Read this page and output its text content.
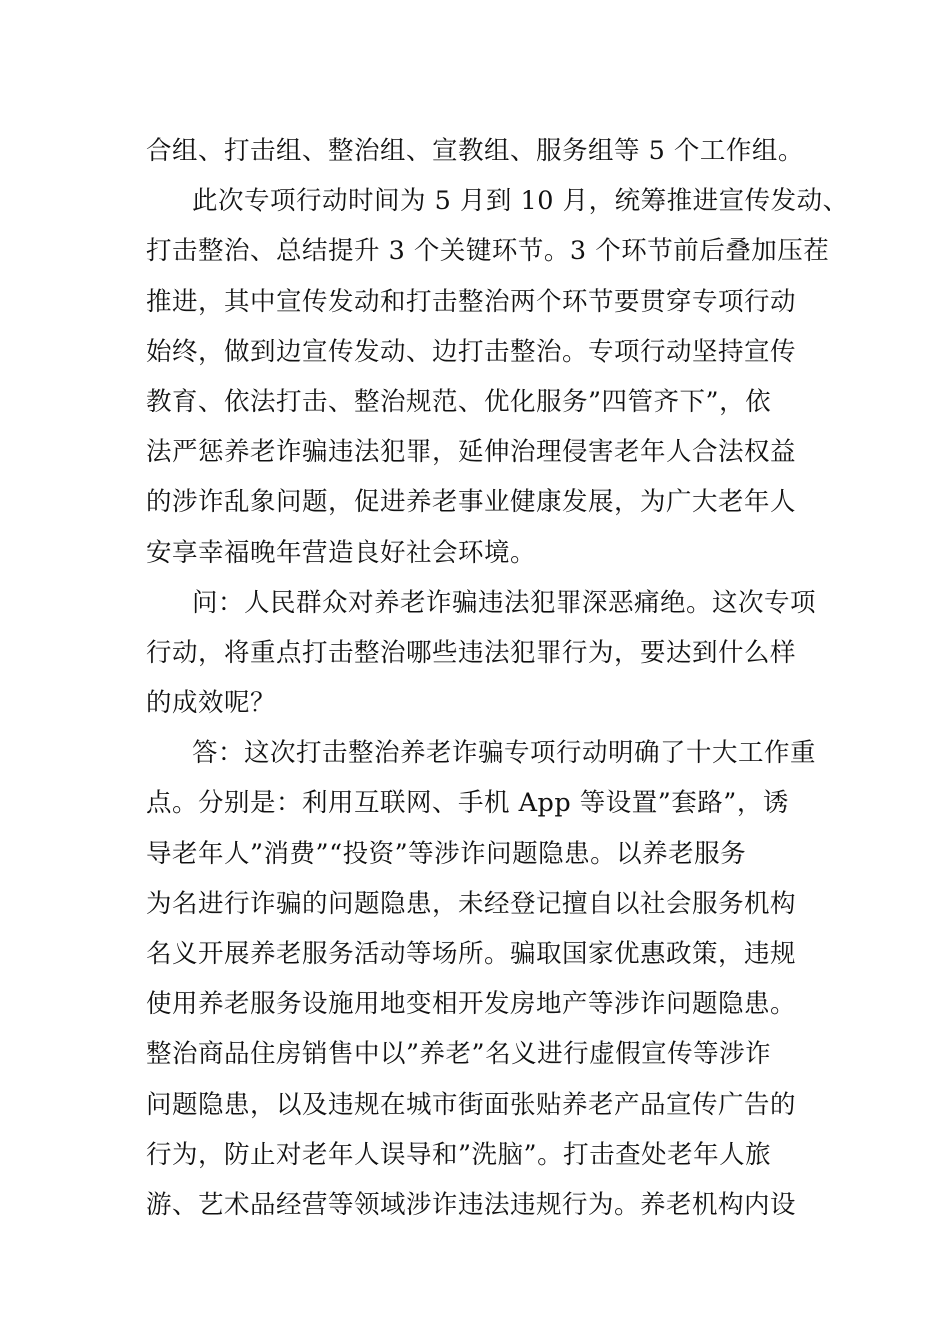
合组、打击组、整治组、宣教组、服务组等 5 个工作组。
此次专项行动时间为 5 月到 10 月，统筹推进宣传发动、
打击整治、总结提升 3 个关键环节。3 个环节前后叠加压茬
推进，其中宣传发动和打击整治两个环节要贯穿专项行动
始终，做到边宣传发动、边打击整治。专项行动坚持宣传
教育、依法打击、整治规范、优化服务”四管齐下”，依
法严惩养老诈骗违法犯罪，延伸治理侵害老年人合法权益
的涉诈乱象问题，促进养老事业健康发展，为广大老年人
安享幸福晚年营造良好社会环境。
问：人民群众对养老诈骗违法犯罪深恶痛绝。这次专项
行动，将重点打击整治哪些违法犯罪行为，要达到什么样
的成效呢？
答：这次打击整治养老诈骗专项行动明确了十大工作重
点。分别是：利用互联网、手机 App 等设置”套路”，诱
导老年人”消费”“投资”等涉诈问题隐患。以养老服务
为名进行诈骗的问题隐患，未经登记擅自以社会服务机构
名义开展养老服务活动等场所。骗取国家优惠政策，违规
使用养老服务设施用地变相开发房地产等涉诈问题隐患。
整治商品住房销售中以”养老”名义进行虚假宣传等涉诈
问题隐患，以及违规在城市街面张贴养老产品宣传广告的
行为，防止对老年人误导和”洗脑”。打击查处老年人旅
游、艺术品经营等领域涉诈违法违规行为。养老机构内设
